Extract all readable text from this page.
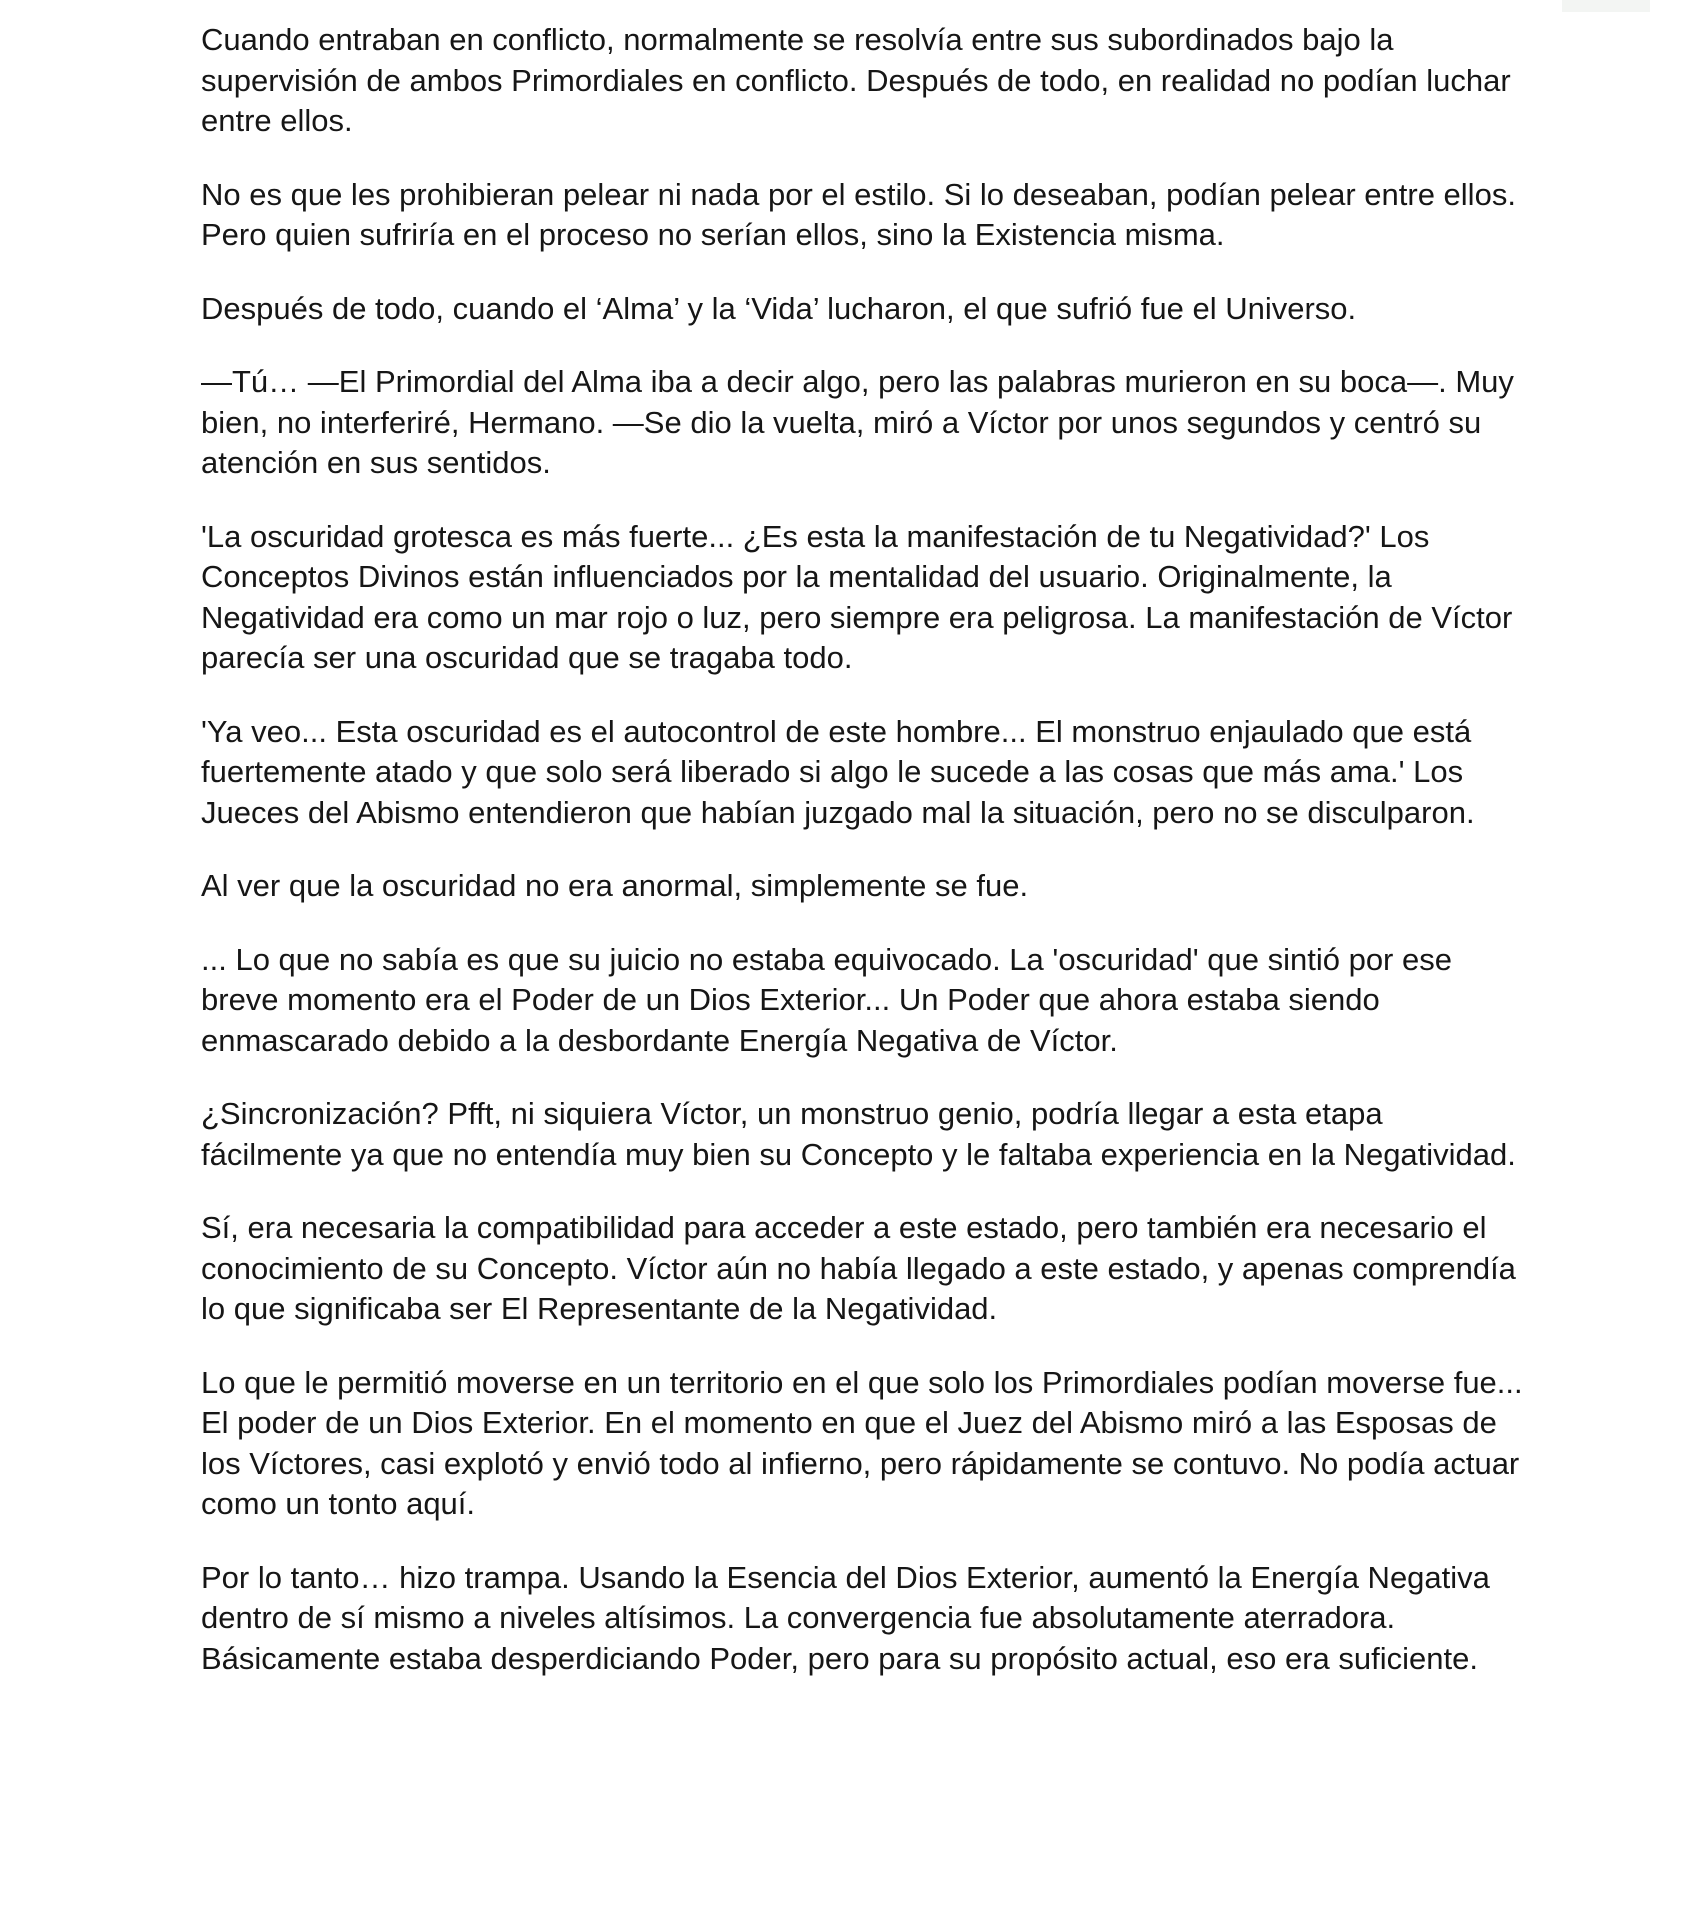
Cuando entraban en conflicto, normalmente se resolvía entre sus subordinados bajo la supervisión de ambos Primordiales en conflicto. Después de todo, en realidad no podían luchar entre ellos.

No es que les prohibieran pelear ni nada por el estilo. Si lo deseaban, podían pelear entre ellos. Pero quien sufriría en el proceso no serían ellos, sino la Existencia misma.

Después de todo, cuando el ‘Alma’ y la ‘Vida’ lucharon, el que sufrió fue el Universo.

—Tú… —El Primordial del Alma iba a decir algo, pero las palabras murieron en su boca—. Muy bien, no interferiré, Hermano. —Se dio la vuelta, miró a Víctor por unos segundos y centró su atención en sus sentidos.

'La oscuridad grotesca es más fuerte... ¿Es esta la manifestación de tu Negatividad?' Los Conceptos Divinos están influenciados por la mentalidad del usuario. Originalmente, la Negatividad era como un mar rojo o luz, pero siempre era peligrosa. La manifestación de Víctor parecía ser una oscuridad que se tragaba todo.

'Ya veo... Esta oscuridad es el autocontrol de este hombre... El monstruo enjaulado que está fuertemente atado y que solo será liberado si algo le sucede a las cosas que más ama.' Los Jueces del Abismo entendieron que habían juzgado mal la situación, pero no se disculparon.

Al ver que la oscuridad no era anormal, simplemente se fue.

... Lo que no sabía es que su juicio no estaba equivocado. La 'oscuridad' que sintió por ese breve momento era el Poder de un Dios Exterior... Un Poder que ahora estaba siendo enmascarado debido a la desbordante Energía Negativa de Víctor.

¿Sincronización? Pfft, ni siquiera Víctor, un monstruo genio, podría llegar a esta etapa fácilmente ya que no entendía muy bien su Concepto y le faltaba experiencia en la Negatividad.

Sí, era necesaria la compatibilidad para acceder a este estado, pero también era necesario el conocimiento de su Concepto. Víctor aún no había llegado a este estado, y apenas comprendía lo que significaba ser El Representante de la Negatividad.

Lo que le permitió moverse en un territorio en el que solo los Primordiales podían moverse fue... El poder de un Dios Exterior. En el momento en que el Juez del Abismo miró a las Esposas de los Víctores, casi explotó y envió todo al infierno, pero rápidamente se contuvo. No podía actuar como un tonto aquí.

Por lo tanto… hizo trampa. Usando la Esencia del Dios Exterior, aumentó la Energía Negativa dentro de sí mismo a niveles altísimos. La convergencia fue absolutamente aterradora. Básicamente estaba desperdiciando Poder, pero para su propósito actual, eso era suficiente.
